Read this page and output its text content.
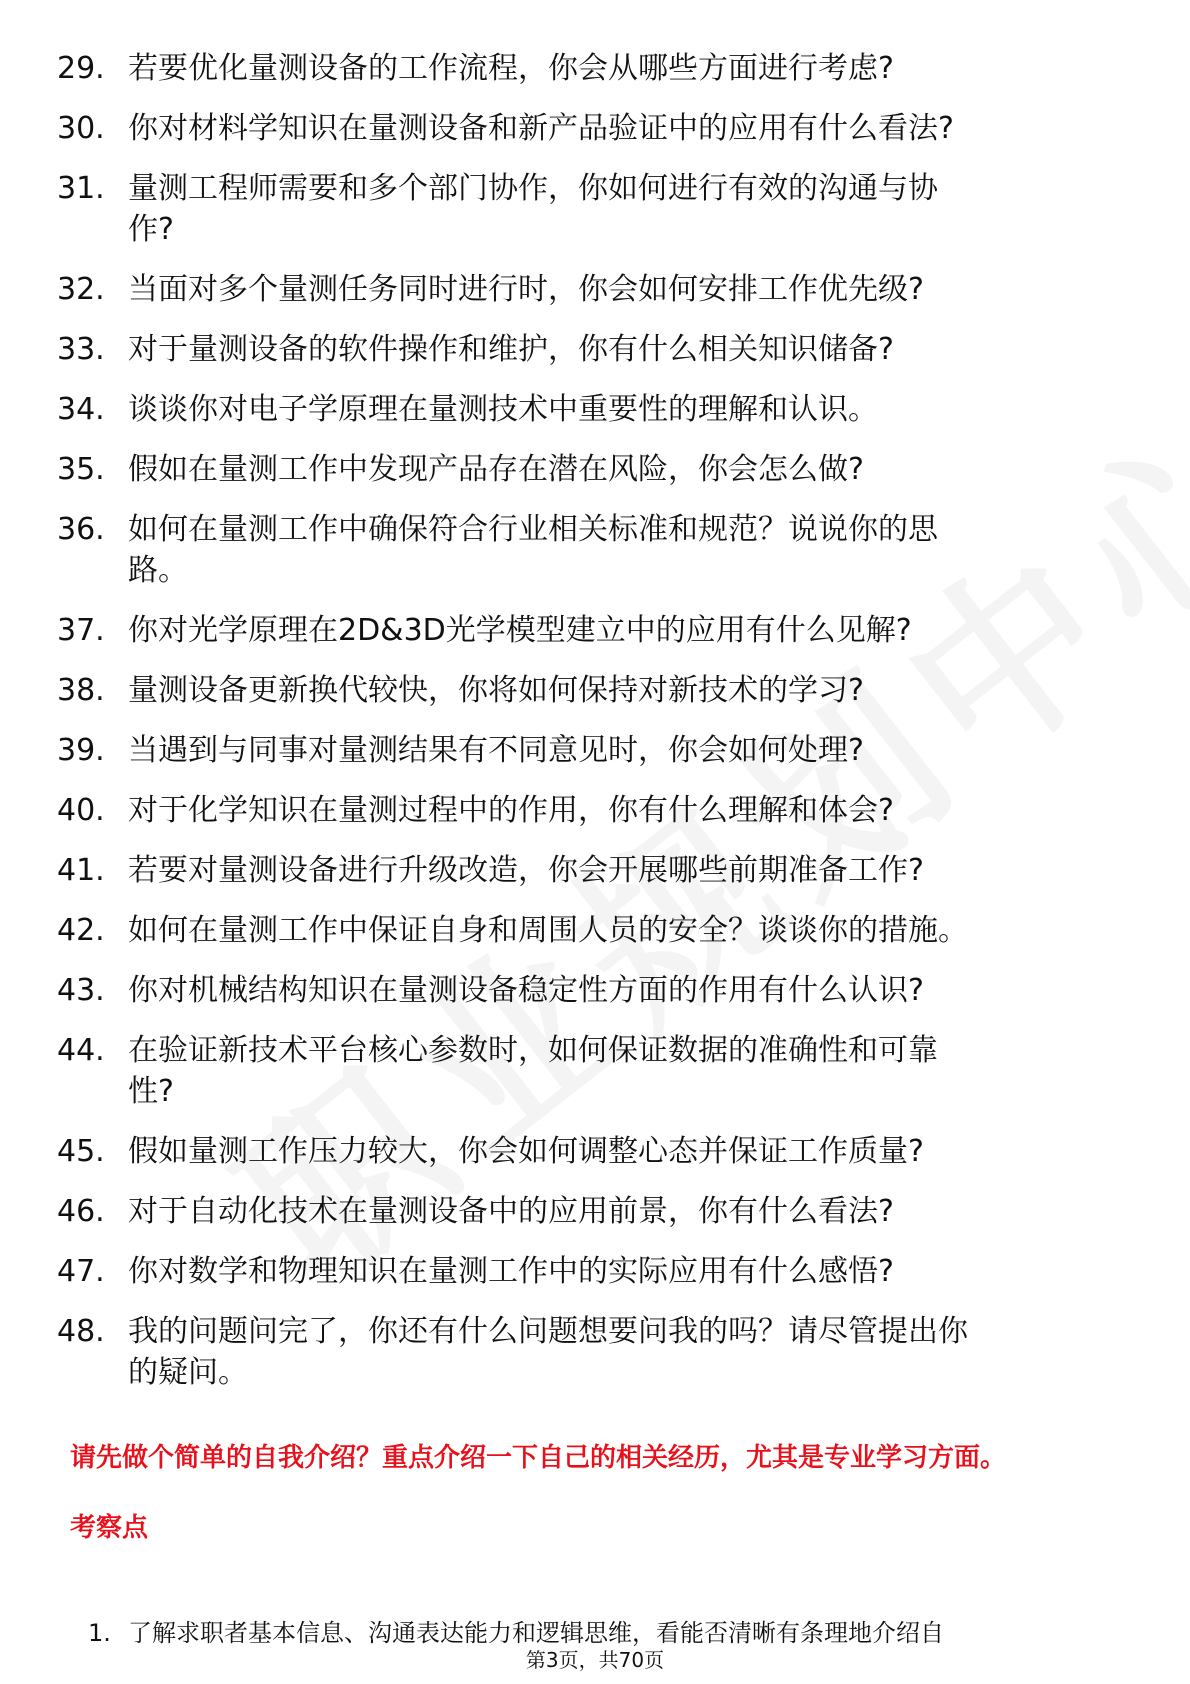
29. 若要优化量测设备的工作流程，你会从哪些方面进行考虑?
30. 你对材料学知识在量测设备和新产品验证中的应用有什么看法?
31. 量测工程师需要和多个部门协作，你如何进行有效的沟通与协
作?
32. 当面对多个量测任务同时进行时，你会如何安排工作优先级?
33. 对于量测设备的软件操作和维护，你有什么相关知识储备?
34. 谈谈你对电子学原理在量测技术中重要性的理解和认识。
35. 假如在量测工作中发现产品存在潜在风险，你会怎么做?
36. 如何在量测工作中确保符合行业相关标准和规范？说说你的思
路。
37. 你对光学原理在2D&3D光学模型建立中的应用有什么见解?
38. 量测设备更新换代较快，你将如何保持对新技术的学习?
39. 当遇到与同事对量测结果有不同意见时，你会如何处理?
40. 对于化学知识在量测过程中的作用，你有什么理解和体会?
41. 若要对量测设备进行升级改造，你会开展哪些前期准备工作?
42. 如何在量测工作中保证自身和周围人员的安全？谈谈你的措施。
43. 你对机械结构知识在量测设备稳定性方面的作用有什么认识?
44. 在验证新技术平台核心参数时，如何保证数据的准确性和可靠
性?
45. 假如量测工作压力较大，你会如何调整心态并保证工作质量?
46. 对于自动化技术在量测设备中的应用前景，你有什么看法?
47. 你对数学和物理知识在量测工作中的实际应用有什么感悟?
48. 我的问题问完了，你还有什么问题想要问我的吗？请尽管提出你
的疑问。
请先做个简单的自我介绍？重点介绍一下自己的相关经历，尤其是专业学习方面。
考察点
1. 了解求职者基本信息、沟通表达能力和逻辑思维，看能否清晰有条理地介绍自
第3页，共70页
